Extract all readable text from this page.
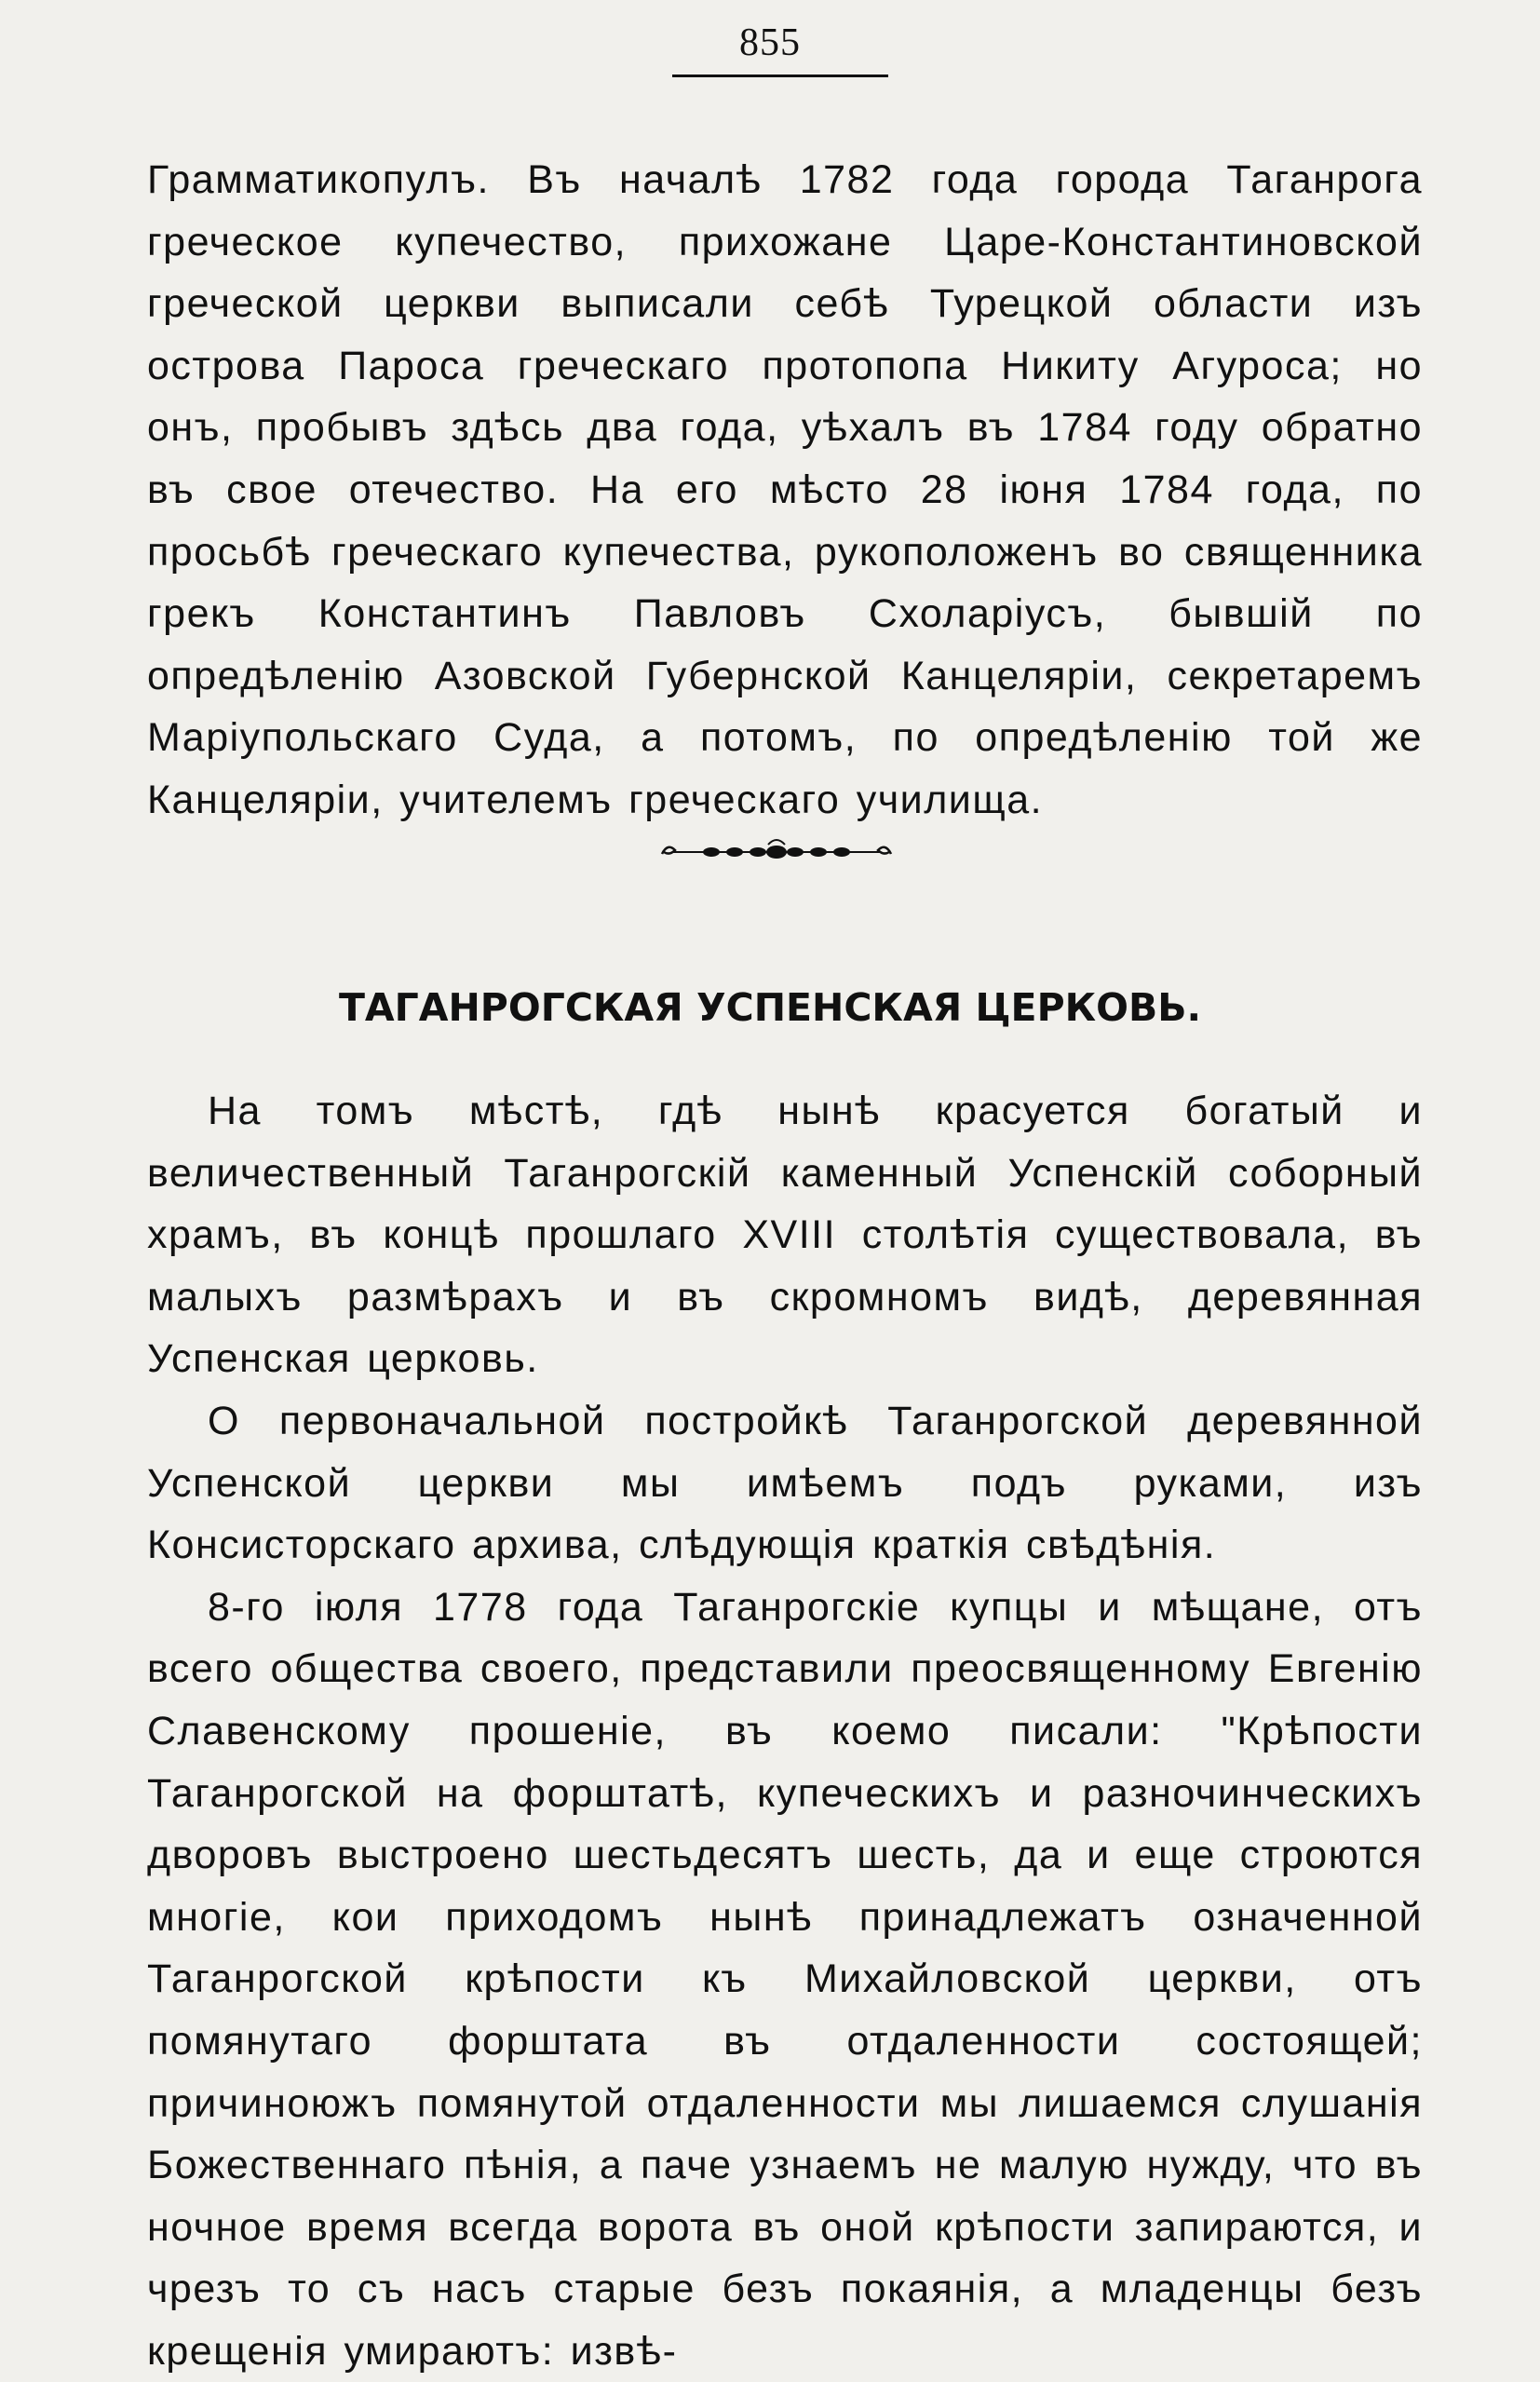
855

Грамматикопулъ. Въ началѣ 1782 года города Таганрога греческое купечество, прихожане Царе-Константиновской греческой церкви выписали себѣ Турецкой области изъ острова Пароса греческаго протопопа Никиту Агуроса; но онъ, пробывъ здѣсь два года, уѣхалъ въ 1784 году обратно въ свое отечество. На его мѣсто 28 іюня 1784 года, по просьбѣ греческаго купечества, рукоположенъ во священника грекъ Константинъ Павловъ Схоларіусъ, бывшій по опредѣленію Азовской Губернской Канцеляріи, секретаремъ Маріупольскаго Суда, а потомъ, по опредѣленію той же Канцеляріи, учителемъ греческаго училища.

ТАГАНРОГСКАЯ УСПЕНСКАЯ ЦЕРКОВЬ.

На томъ мѣстѣ, гдѣ нынѣ красуется богатый и величественный Таганрогскій каменный Успенскій соборный храмъ, въ концѣ прошлаго XVIII столѣтія существовала, въ малыхъ размѣрахъ и въ скромномъ видѣ, деревянная Успенская церковь.

О первоначальной постройкѣ Таганрогской деревянной Успенской церкви мы имѣемъ подъ руками, изъ Консисторскаго архива, слѣдующія краткія свѣдѣнія.

8-го іюля 1778 года Таганрогскіе купцы и мѣщане, отъ всего общества своего, представили преосвященному Евгенію Славенскому прошеніе, въ коемо писали: "Крѣпости Таганрогской на форштатѣ, купеческихъ и разночинческихъ дворовъ выстроено шестьдесятъ шесть, да и еще строются многіе, кои приходомъ нынѣ принадлежатъ означенной Таганрогской крѣпости къ Михайловской церкви, отъ помянутаго форштата въ отдаленности состоящей; причиноюжъ помянутой отдаленности мы лишаемся слушанія Божественнаго пѣнія, а паче узнаемъ не малую нужду, что въ ночное время всегда ворота въ оной крѣпости запираются, и чрезъ то съ насъ старые безъ покаянія, а младенцы безъ крещенія умираютъ: извѣ-
